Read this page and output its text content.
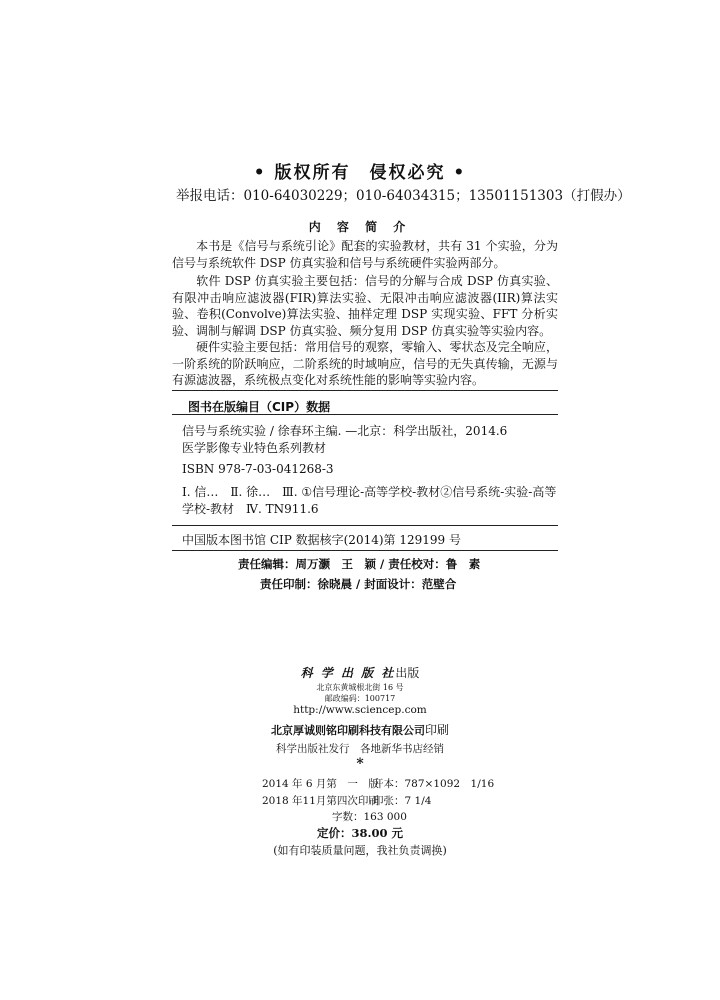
• 版权所有　侵权必究 •
举报电话：010-64030229；010-64034315；13501151303（打假办）
内 容 简 介
本书是《信号与系统引论》配套的实验教材，共有 31 个实验，分为信号与系统软件 DSP 仿真实验和信号与系统硬件实验两部分。
软件 DSP 仿真实验主要包括：信号的分解与合成 DSP 仿真实验、有限冲击响应滤波器(FIR)算法实验、无限冲击响应滤波器(IIR)算法实验、卷积(Convolve)算法实验、抽样定理 DSP 实现实验、FFT 分析实验、调制与解调 DSP 仿真实验、频分复用 DSP 仿真实验等实验内容。
硬件实验主要包括：常用信号的观察，零输入、零状态及完全响应，一阶系统的阶跃响应，二阶系统的时域响应，信号的无失真传输，无源与有源滤波器，系统极点变化对系统性能的影响等实验内容。
图书在版编目（CIP）数据
信号与系统实验 / 徐春环主编. —北京：科学出版社，2014.6
医学影像专业特色系列教材
ISBN 978-7-03-041268-3
Ⅰ. 信…　Ⅱ. 徐…　Ⅲ. ①信号理论-高等学校-教材②信号系统-实验-高等学校-教材　Ⅳ. TN911.6
中国版本图书馆 CIP 数据核字(2014)第 129199 号
责任编辑：周万灏　王　颖 / 责任校对：鲁　素
责任印制：徐晓晨 / 封面设计：范壁合
科 学 出 版 社出版
北京东黄城根北街 16 号
邮政编码：100717
http://www.sciencep.com
北京厚诚则铭印刷科技有限公司印刷
科学出版社发行　各地新华书店经销
*
2014 年 6 月第　一　版
开本：787×1092　1/16
2018 年11月第四次印刷
印张：7 1/4
字数：163 000
定价：38.00 元
(如有印装质量问题，我社负责调换)
